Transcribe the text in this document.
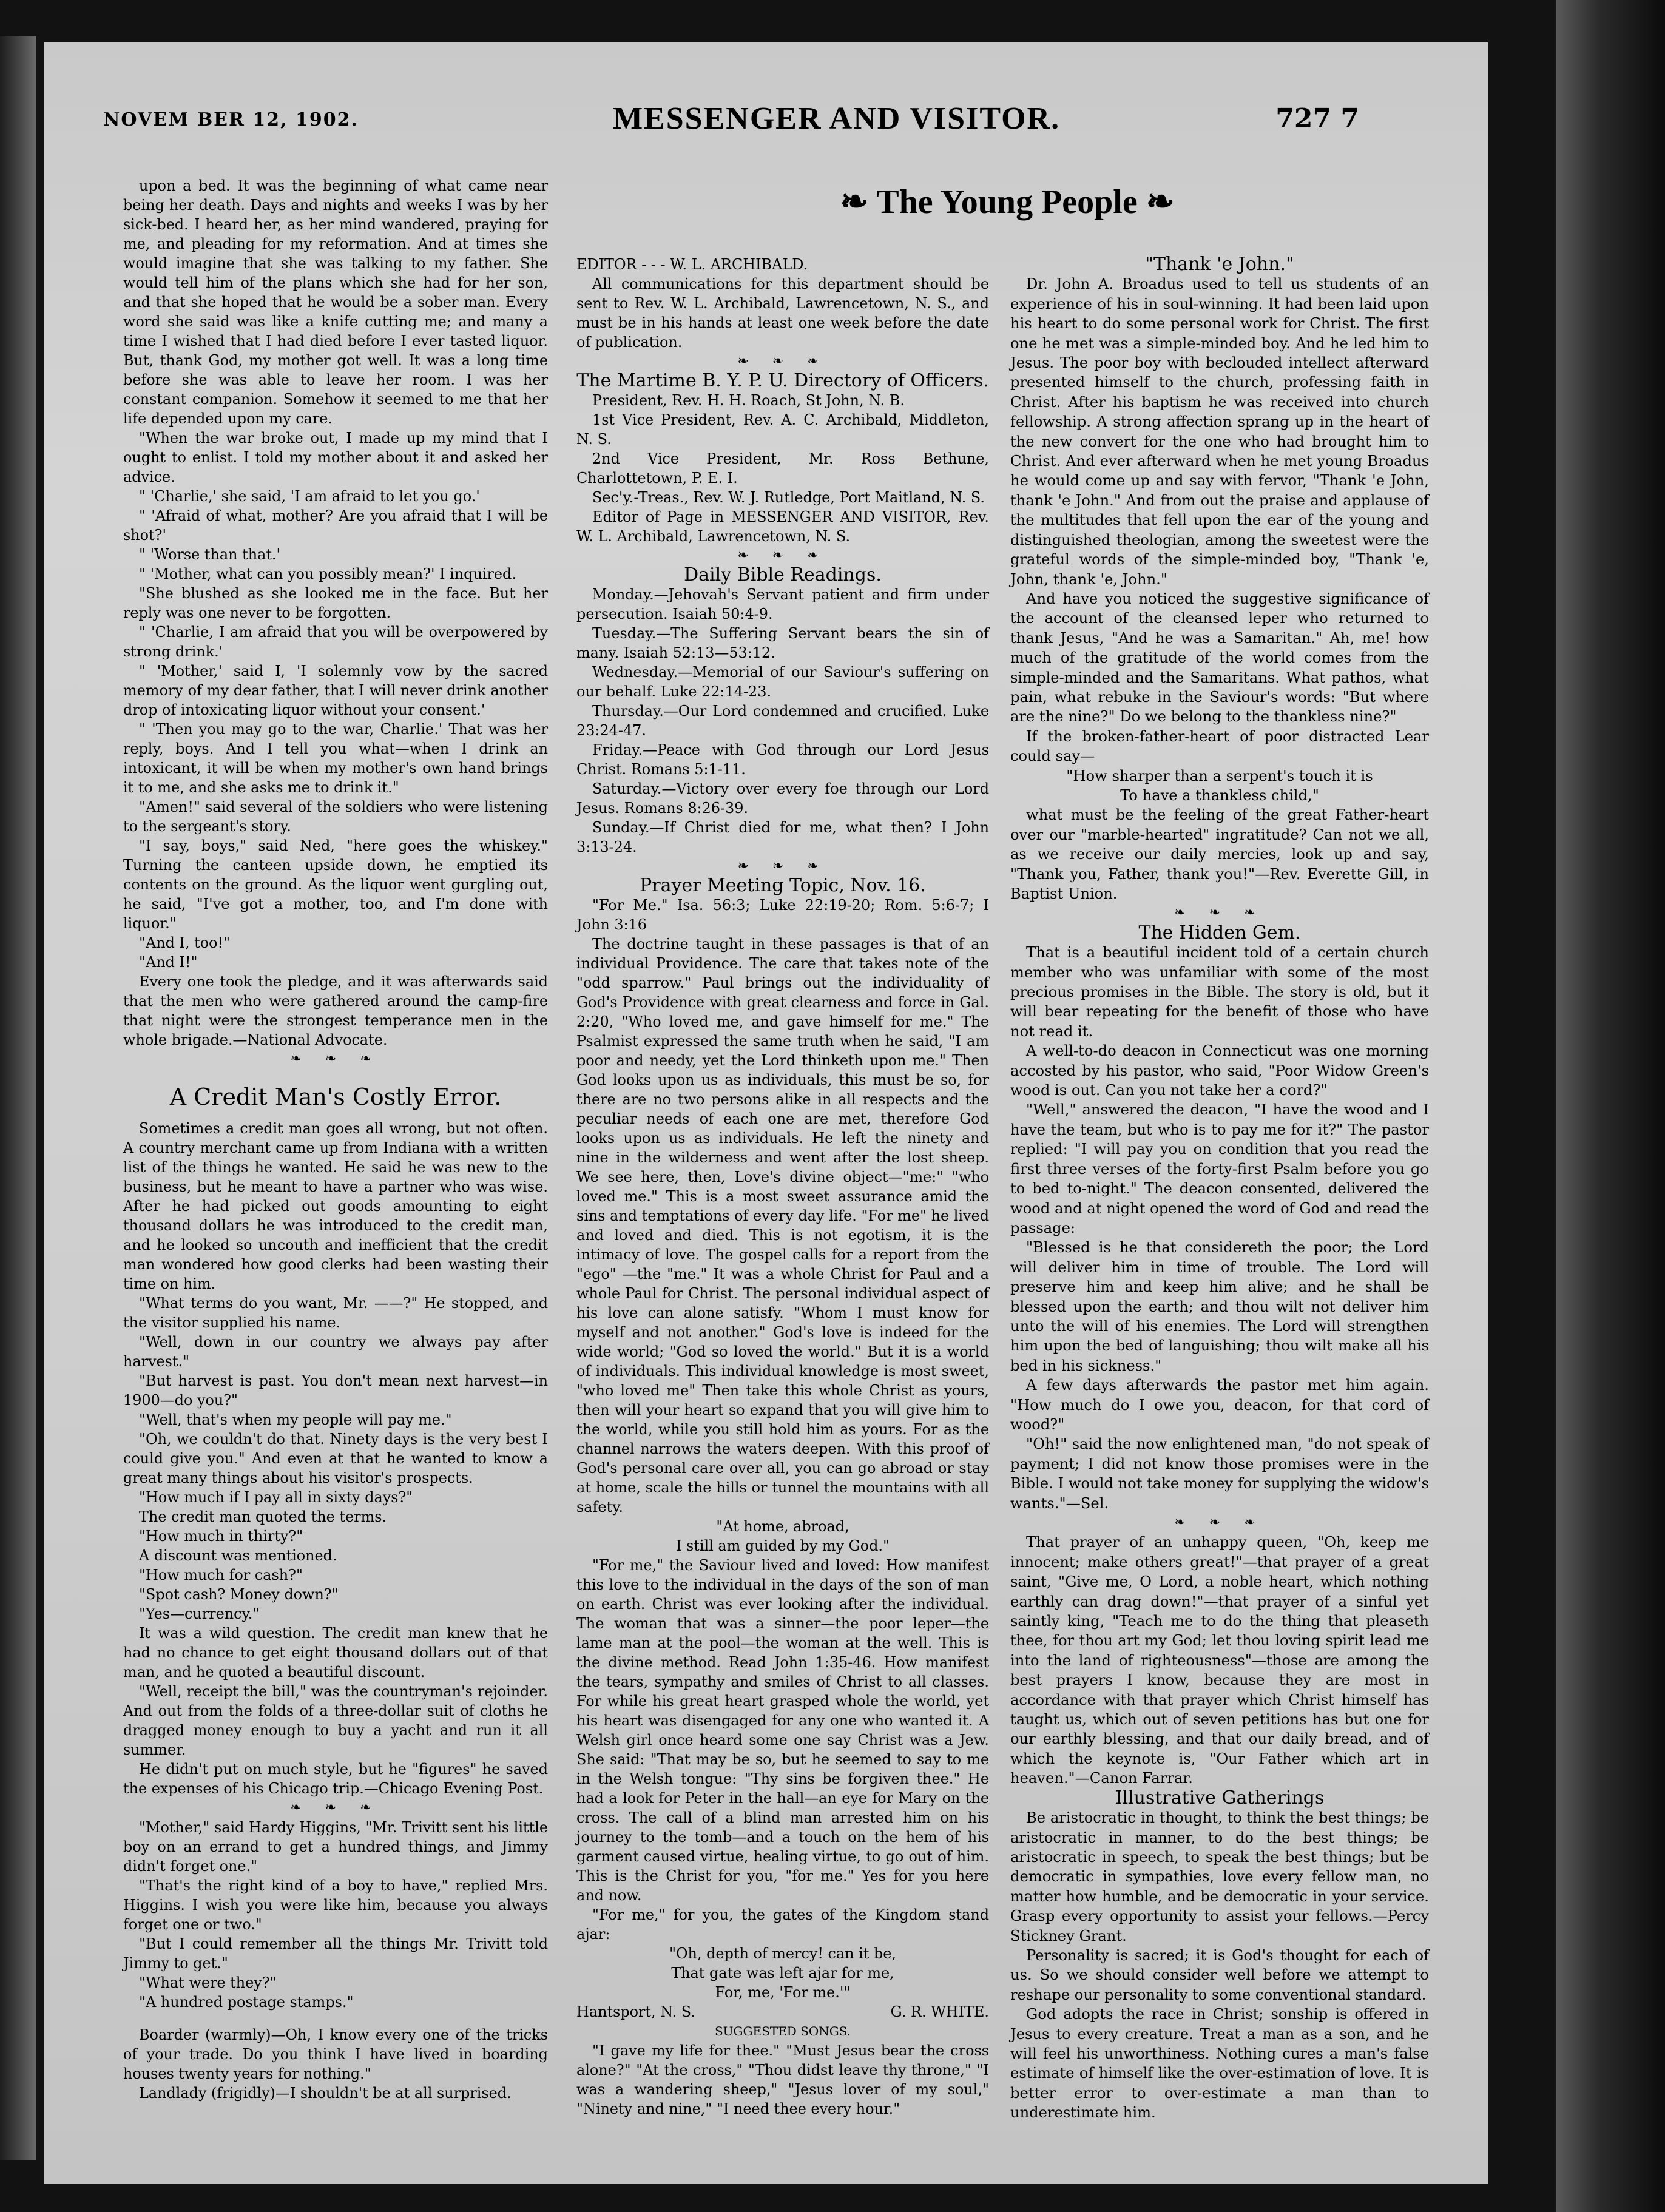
NOVEM BER 12, 1902.	MESSENGER AND VISITOR.	727 7
❧ The Young People ❧

upon a bed. It was the beginning of what came near being her death. Days and nights and weeks I was by her sick-bed. I heard her, as her mind wandered, praying for me, and pleading for my reformation. And at times she would imagine that she was talking to my father. She would tell him of the plans which she had for her son, and that she hoped that he would be a sober man. Every word she said was like a knife cutting me; and many a time I wished that I had died before I ever tasted liquor. But, thank God, my mother got well. It was a long time before she was able to leave her room. I was her constant companion. Somehow it seemed to me that her life depended upon my care.

"When the war broke out, I made up my mind that I ought to enlist. I told my mother about it and asked her advice.

" 'Charlie,' she said, 'I am afraid to let you go.'

" 'Afraid of what, mother? Are you afraid that I will be shot?'

" 'Worse than that.'

" 'Mother, what can you possibly mean?' I inquired.

"She blushed as she looked me in the face. But her reply was one never to be forgotten.

" 'Charlie, I am afraid that you will be overpowered by strong drink.'

" 'Mother,' said I, 'I solemnly vow by the sacred memory of my dear father, that I will never drink another drop of intoxicating liquor without your consent.'

" 'Then you may go to the war, Charlie.' That was her reply, boys. And I tell you what—when I drink an intoxicant, it will be when my mother's own hand brings it to me, and she asks me to drink it."

"Amen!" said several of the soldiers who were listening to the sergeant's story.

"I say, boys," said Ned, "here goes the whiskey." Turning the canteen upside down, he emptied its contents on the ground. As the liquor went gurgling out, he said, "I've got a mother, too, and I'm done with liquor."

"And I, too!"

"And I!"

Every one took the pledge, and it was afterwards said that the men who were gathered around the camp-fire that night were the strongest temperance men in the whole brigade.—National Advocate.

❧ ❧ ❧

A Credit Man's Costly Error.

Sometimes a credit man goes all wrong, but not often. A country merchant came up from Indiana with a written list of the things he wanted. He said he was new to the business, but he meant to have a partner who was wise. After he had picked out goods amounting to eight thousand dollars he was introduced to the credit man, and he looked so uncouth and inefficient that the credit man wondered how good clerks had been wasting their time on him.

"What terms do you want, Mr. ——?" He stopped, and the visitor supplied his name.

"Well, down in our country we always pay after harvest."

"But harvest is past. You don't mean next harvest—in 1900—do you?"

"Well, that's when my people will pay me."

"Oh, we couldn't do that. Ninety days is the very best I could give you." And even at that he wanted to know a great many things about his visitor's prospects.

"How much if I pay all in sixty days?"

The credit man quoted the terms.

"How much in thirty?"

A discount was mentioned.

"How much for cash?"

"Spot cash? Money down?"

"Yes—currency."

It was a wild question. The credit man knew that he had no chance to get eight thousand dollars out of that man, and he quoted a beautiful discount.

"Well, receipt the bill," was the countryman's rejoinder. And out from the folds of a three-dollar suit of cloths he dragged money enough to buy a yacht and run it all summer.

He didn't put on much style, but he "figures" he saved the expenses of his Chicago trip.—Chicago Evening Post.

❧ ❧ ❧

"Mother," said Hardy Higgins, "Mr. Trivitt sent his little boy on an errand to get a hundred things, and Jimmy didn't forget one."

"That's the right kind of a boy to have," replied Mrs. Higgins. I wish you were like him, because you always forget one or two."

"But I could remember all the things Mr. Trivitt told Jimmy to get."

"What were they?"

"A hundred postage stamps."

Boarder (warmly)—Oh, I know every one of the tricks of your trade. Do you think I have lived in boarding houses twenty years for nothing."

Landlady (frigidly)—I shouldn't be at all surprised.

EDITOR - - - W. L. ARCHIBALD.

All communications for this department should be sent to Rev. W. L. Archibald, Lawrencetown, N. S., and must be in his hands at least one week before the date of publication.

❧ ❧ ❧

The Martime B. Y. P. U. Directory of Officers.

President, Rev. H. H. Roach, St John, N. B.

1st Vice President, Rev. A. C. Archibald, Middleton, N. S.

2nd Vice President, Mr. Ross Bethune, Charlottetown, P. E. I.

Sec'y.-Treas., Rev. W. J. Rutledge, Port Maitland, N. S.

Editor of Page in MESSENGER AND VISITOR, Rev. W. L. Archibald, Lawrencetown, N. S.

❧ ❧ ❧

Daily Bible Readings.

Monday.—Jehovah's Servant patient and firm under persecution. Isaiah 50:4-9.

Tuesday.—The Suffering Servant bears the sin of many. Isaiah 52:13—53:12.

Wednesday.—Memorial of our Saviour's suffering on our behalf. Luke 22:14-23.

Thursday.—Our Lord condemned and crucified. Luke 23:24-47.

Friday.—Peace with God through our Lord Jesus Christ. Romans 5:1-11.

Saturday.—Victory over every foe through our Lord Jesus. Romans 8:26-39.

Sunday.—If Christ died for me, what then? I John 3:13-24.

❧ ❧ ❧

Prayer Meeting Topic, Nov. 16.

"For Me." Isa. 56:3; Luke 22:19-20; Rom. 5:6-7; I John 3:16

The doctrine taught in these passages is that of an individual Providence. The care that takes note of the "odd sparrow." Paul brings out the individuality of God's Providence with great clearness and force in Gal. 2:20, "Who loved me, and gave himself for me." The Psalmist expressed the same truth when he said, "I am poor and needy, yet the Lord thinketh upon me." Then God looks upon us as individuals, this must be so, for there are no two persons alike in all respects and the peculiar needs of each one are met, therefore God looks upon us as individuals. He left the ninety and nine in the wilderness and went after the lost sheep. We see here, then, Love's divine object—"me:" "who loved me." This is a most sweet assurance amid the sins and temptations of every day life. "For me" he lived and loved and died. This is not egotism, it is the intimacy of love. The gospel calls for a report from the "ego" —the "me." It was a whole Christ for Paul and a whole Paul for Christ. The personal individual aspect of his love can alone satisfy. "Whom I must know for myself and not another." God's love is indeed for the wide world; "God so loved the world." But it is a world of individuals. This individual knowledge is most sweet, "who loved me" Then take this whole Christ as yours, then will your heart so expand that you will give him to the world, while you still hold him as yours. For as the channel narrows the waters deepen. With this proof of God's personal care over all, you can go abroad or stay at home, scale the hills or tunnel the mountains with all safety.

"At home, abroad,

I still am guided by my God."

"For me," the Saviour lived and loved: How manifest this love to the individual in the days of the son of man on earth. Christ was ever looking after the individual. The woman that was a sinner—the poor leper—the lame man at the pool—the woman at the well. This is the divine method. Read John 1:35-46. How manifest the tears, sympathy and smiles of Christ to all classes. For while his great heart grasped whole the world, yet his heart was disengaged for any one who wanted it. A Welsh girl once heard some one say Christ was a Jew. She said: "That may be so, but he seemed to say to me in the Welsh tongue: "Thy sins be forgiven thee." He had a look for Peter in the hall—an eye for Mary on the cross. The call of a blind man arrested him on his journey to the tomb—and a touch on the hem of his garment caused virtue, healing virtue, to go out of him. This is the Christ for you, "for me." Yes for you here and now.

"For me," for you, the gates of the Kingdom stand ajar:

"Oh, depth of mercy! can it be,

That gate was left ajar for me,

For, me, 'For me.'"

Hantsport, N. S.	G. R. WHITE.

SUGGESTED SONGS.

"I gave my life for thee." "Must Jesus bear the cross alone?" "At the cross," "Thou didst leave thy throne," "I was a wandering sheep," "Jesus lover of my soul," "Ninety and nine," "I need thee every hour."

"Thank 'e John."

Dr. John A. Broadus used to tell us students of an experience of his in soul-winning. It had been laid upon his heart to do some personal work for Christ. The first one he met was a simple-minded boy. And he led him to Jesus. The poor boy with beclouded intellect afterward presented himself to the church, professing faith in Christ. After his baptism he was received into church fellowship. A strong affection sprang up in the heart of the new convert for the one who had brought him to Christ. And ever afterward when he met young Broadus he would come up and say with fervor, "Thank 'e John, thank 'e John." And from out the praise and applause of the multitudes that fell upon the ear of the young and distinguished theologian, among the sweetest were the grateful words of the simple-minded boy, "Thank 'e, John, thank 'e, John."

And have you noticed the suggestive significance of the account of the cleansed leper who returned to thank Jesus, "And he was a Samaritan." Ah, me! how much of the gratitude of the world comes from the simple-minded and the Samaritans. What pathos, what pain, what rebuke in the Saviour's words: "But where are the nine?" Do we belong to the thankless nine?"

If the broken-father-heart of poor distracted Lear could say—

"How sharper than a serpent's touch it is

To have a thankless child,"

what must be the feeling of the great Father-heart over our "marble-hearted" ingratitude? Can not we all, as we receive our daily mercies, look up and say, "Thank you, Father, thank you!"—Rev. Everette Gill, in Baptist Union.

❧ ❧ ❧

The Hidden Gem.

That is a beautiful incident told of a certain church member who was unfamiliar with some of the most precious promises in the Bible. The story is old, but it will bear repeating for the benefit of those who have not read it.

A well-to-do deacon in Connecticut was one morning accosted by his pastor, who said, "Poor Widow Green's wood is out. Can you not take her a cord?"

"Well," answered the deacon, "I have the wood and I have the team, but who is to pay me for it?" The pastor replied: "I will pay you on condition that you read the first three verses of the forty-first Psalm before you go to bed to-night." The deacon consented, delivered the wood and at night opened the word of God and read the passage:

"Blessed is he that considereth the poor; the Lord will deliver him in time of trouble. The Lord will preserve him and keep him alive; and he shall be blessed upon the earth; and thou wilt not deliver him unto the will of his enemies. The Lord will strengthen him upon the bed of languishing; thou wilt make all his bed in his sickness."

A few days afterwards the pastor met him again. "How much do I owe you, deacon, for that cord of wood?"

"Oh!" said the now enlightened man, "do not speak of payment; I did not know those promises were in the Bible. I would not take money for supplying the widow's wants."—Sel.

❧ ❧ ❧

That prayer of an unhappy queen, "Oh, keep me innocent; make others great!"—that prayer of a great saint, "Give me, O Lord, a noble heart, which nothing earthly can drag down!"—that prayer of a sinful yet saintly king, "Teach me to do the thing that pleaseth thee, for thou art my God; let thou loving spirit lead me into the land of righteousness"—those are among the best prayers I know, because they are most in accordance with that prayer which Christ himself has taught us, which out of seven petitions has but one for our earthly blessing, and that our daily bread, and of which the keynote is, "Our Father which art in heaven."—Canon Farrar.

Illustrative Gatherings

Be aristocratic in thought, to think the best things; be aristocratic in manner, to do the best things; be aristocratic in speech, to speak the best things; but be democratic in sympathies, love every fellow man, no matter how humble, and be democratic in your service. Grasp every opportunity to assist your fellows.—Percy Stickney Grant.

Personality is sacred; it is God's thought for each of us. So we should consider well before we attempt to reshape our personality to some conventional standard.

God adopts the race in Christ; sonship is offered in Jesus to every creature. Treat a man as a son, and he will feel his unworthiness. Nothing cures a man's false estimate of himself like the over-estimation of love. It is better error to over-estimate a man than to underestimate him.
